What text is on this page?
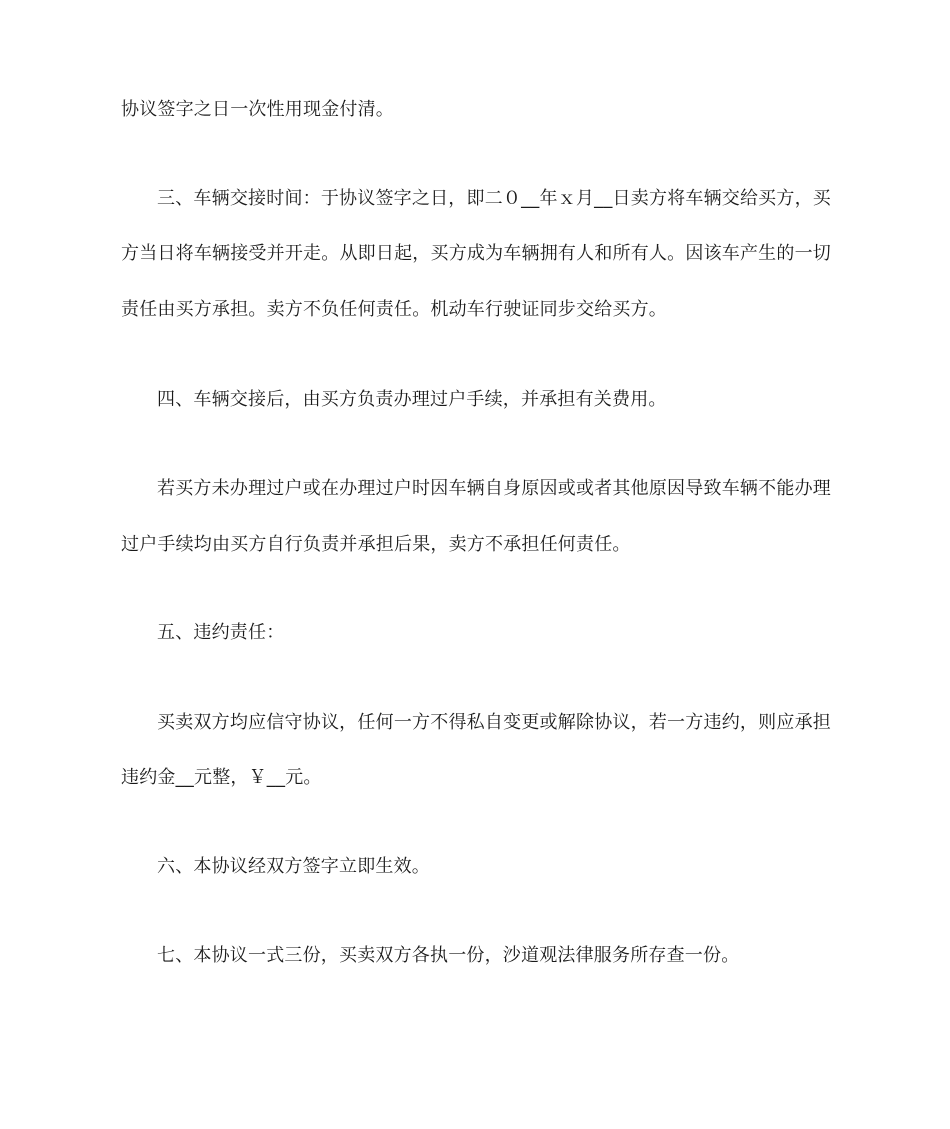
协议签字之日一次性用现金付清。
三、车辆交接时间：于协议签字之日，即二０__年ｘ月__日卖方将车辆交给买方，买
方当日将车辆接受并开走。从即日起，买方成为车辆拥有人和所有人。因该车产生的一切
责任由买方承担。卖方不负任何责任。机动车行驶证同步交给买方。
四、车辆交接后，由买方负责办理过户手续，并承担有关费用。
若买方未办理过户或在办理过户时因车辆自身原因或或者其他原因导致车辆不能办理
过户手续均由买方自行负责并承担后果，卖方不承担任何责任。
五、违约责任：
买卖双方均应信守协议，任何一方不得私自变更或解除协议，若一方违约，则应承担
违约金__元整，￥__元。
六、本协议经双方签字立即生效。
七、本协议一式三份，买卖双方各执一份，沙道观法律服务所存查一份。
